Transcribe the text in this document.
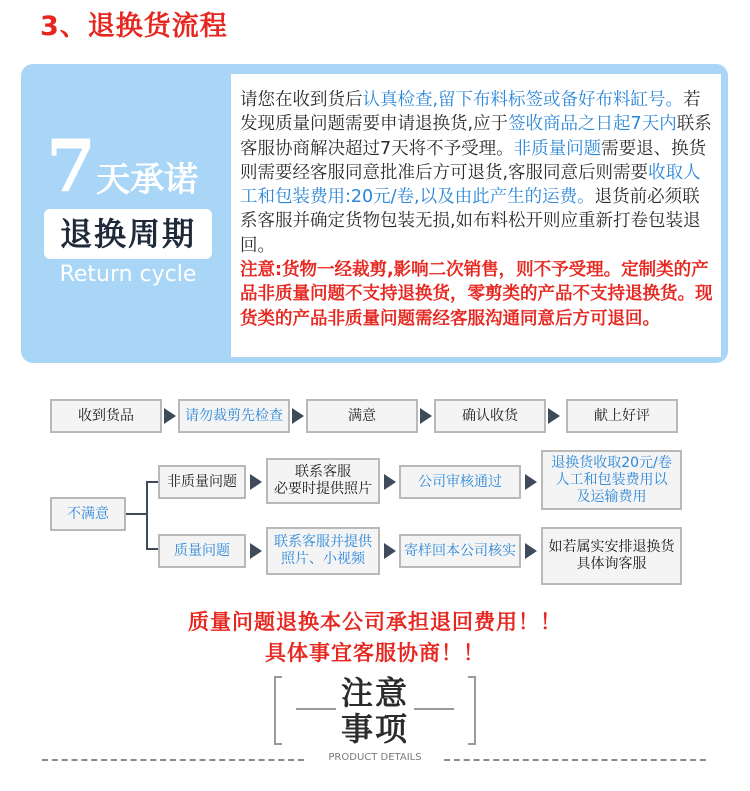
3、退换货流程
7天承诺
退换周期
Return cycle
请您在收到货后认真检查,留下布料标签或备好布料缸号。若发现质量问题需要申请退换货,应于签收商品之日起7天内联系客服协商解决超过7天将不予受理。非质量问题需要退、换货则需要经客服同意批准后方可退货,客服同意后则需要收取人工和包装费用:20元/卷,以及由此产生的运费。退货前必须联系客服并确定货物包装无损,如布料松开则应重新打卷包装退回。
注意:货物一经裁剪,影响二次销售，则不予受理。定制类的产品非质量问题不支持退换货，零剪类的产品不支持退换货。现货类的产品非质量问题需经客服沟通同意后方可退回。
收到货品	请勿裁剪先检查	满意	确认收货	献上好评
不满意
非质量问题
联系客服
必要时提供照片	公司审核通过
退换货收取20元/卷
人工和包装费用以
及运输费用
质量问题
联系客服并提供
照片、小视频
寄样回本公司核实	如若属实安排退换货
具体询客服
质量问题退换本公司承担退回费用！！
具体事宜客服协商！！
注意事项
PRODUCT DETAILS
